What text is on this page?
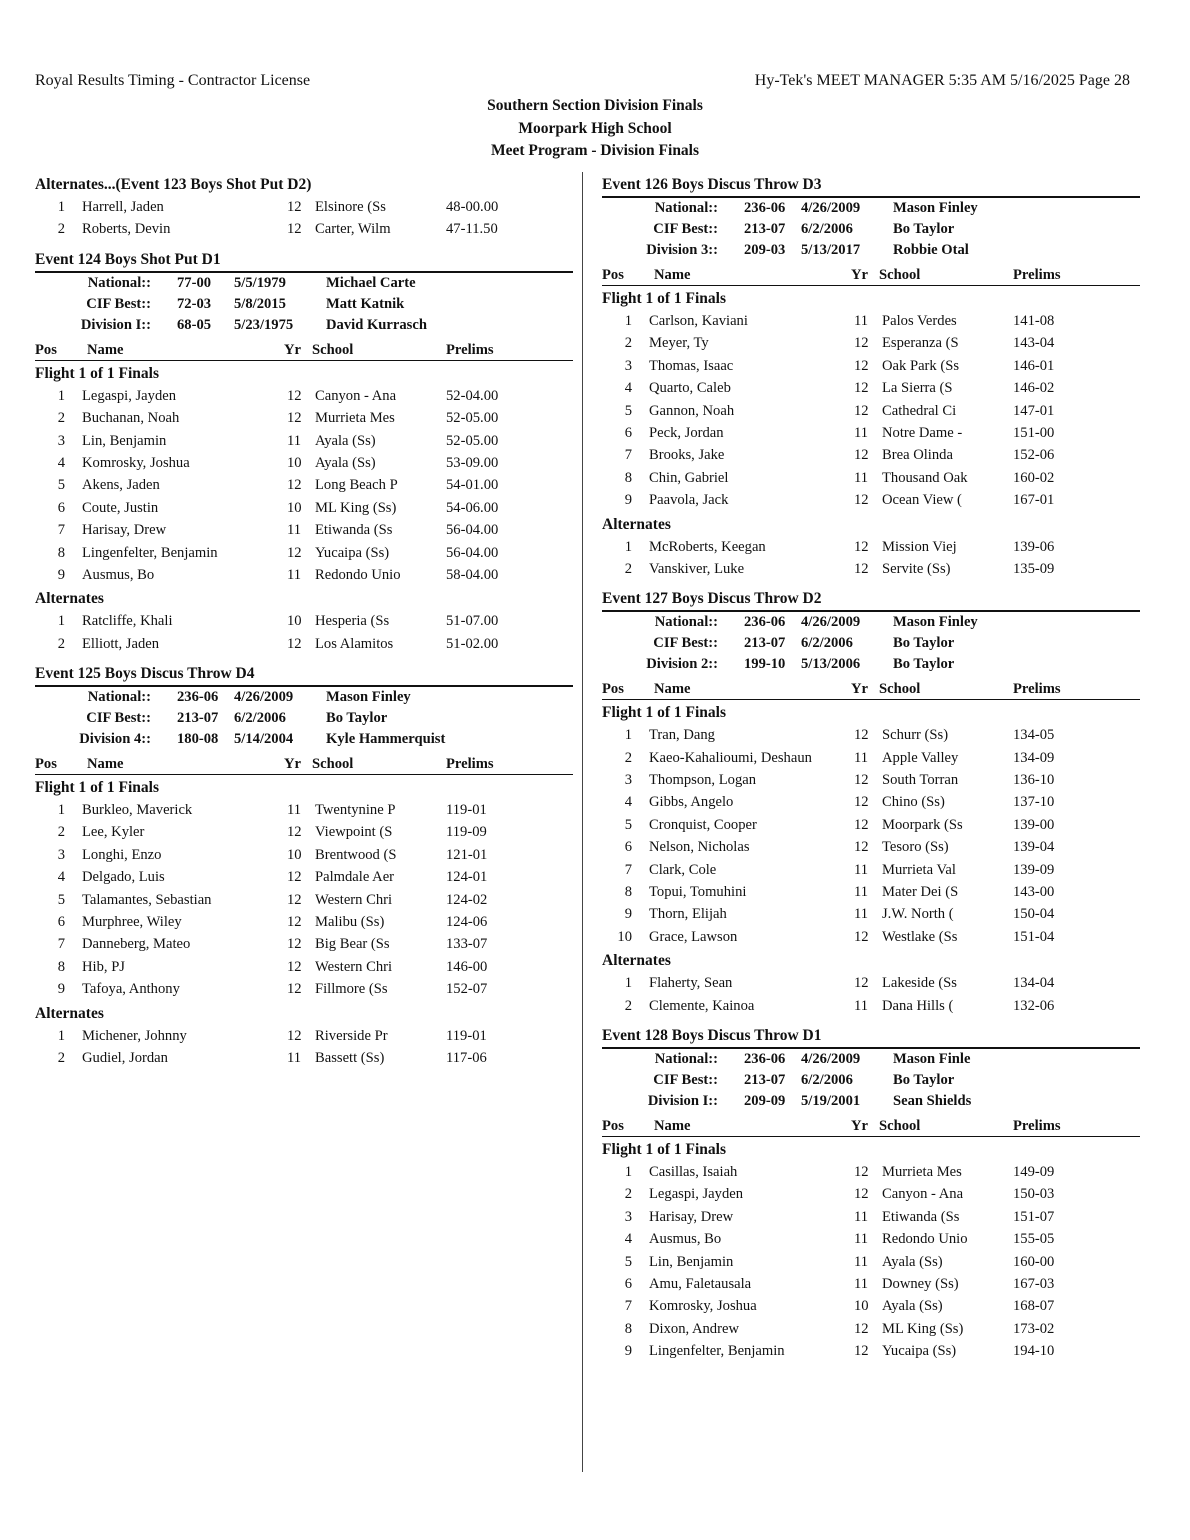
Royal Results Timing - Contractor License	Hy-Tek's MEET MANAGER 5:35 AM 5/16/2025 Page 28
Southern Section Division Finals
Moorpark High School
Meet Program - Division Finals
Alternates...(Event 123 Boys Shot Put D2)
1 Harrell, Jaden	12 Elsinore (Ss	48-00.00
2 Roberts, Devin	12 Carter, Wilm	47-11.50
Event 124 Boys Shot Put D1
National:: 77-00 5/5/1979	Michael Carte
CIF Best:: 72-03 5/8/2015	Matt Katnik
Division I:: 68-05 5/23/1975 David Kurrasch
Pos Name	Yr School	Prelims
Flight 1 of 1 Finals
1 Legaspi, Jayden	12 Canyon - Ana	52-04.00
2 Buchanan, Noah	12 Murrieta Mes	52-05.00
3 Lin, Benjamin	11 Ayala (Ss)	52-05.00
4 Komrosky, Joshua	10 Ayala (Ss)	53-09.00
5 Akens, Jaden	12 Long Beach P	54-01.00
6 Coute, Justin	10 ML King (Ss)	54-06.00
7 Harisay, Drew	11 Etiwanda (Ss	56-04.00
8 Lingenfelter, Benjamin	12 Yucaipa (Ss)	56-04.00
9 Ausmus, Bo	11 Redondo Unio	58-04.00
Alternates
1 Ratcliffe, Khali	10 Hesperia (Ss	51-07.00
2 Elliott, Jaden	12 Los Alamitos	51-02.00
Event 125 Boys Discus Throw D4
National:: 236-06 4/26/2009 Mason Finley
CIF Best:: 213-07 6/2/2006	Bo Taylor
Division 4:: 180-08 5/14/2004 Kyle Hammerquist
Pos Name	Yr School	Prelims
Flight 1 of 1 Finals
1 Burkleo, Maverick	11 Twentynine P	119-01
2 Lee, Kyler	12 Viewpoint (S	119-09
3 Longhi, Enzo	10 Brentwood (S	121-01
4 Delgado, Luis	12 Palmdale Aer	124-01
5 Talamantes, Sebastian	12 Western Chri	124-02
6 Murphree, Wiley	12 Malibu (Ss)	124-06
7 Danneberg, Mateo	12 Big Bear (Ss	133-07
8 Hib, PJ	12 Western Chri	146-00
9 Tafoya, Anthony	12 Fillmore (Ss	152-07
Alternates
1 Michener, Johnny	12 Riverside Pr	119-01
2 Gudiel, Jordan	11 Bassett (Ss)	117-06
Event 126 Boys Discus Throw D3
National:: 236-06 4/26/2009 Mason Finley
CIF Best:: 213-07 6/2/2006	Bo Taylor
Division 3:: 209-03 5/13/2017 Robbie Otal
Pos Name	Yr School	Prelims
Flight 1 of 1 Finals
1 Carlson, Kaviani	11 Palos Verdes	141-08
2 Meyer, Ty	12 Esperanza (S	143-04
3 Thomas, Isaac	12 Oak Park (Ss	146-01
4 Quarto, Caleb	12 La Sierra (S	146-02
5 Gannon, Noah	12 Cathedral Ci	147-01
6 Peck, Jordan	11 Notre Dame -	151-00
7 Brooks, Jake	12 Brea Olinda	152-06
8 Chin, Gabriel	11 Thousand Oak	160-02
9 Paavola, Jack	12 Ocean View (	167-01
Alternates
1 McRoberts, Keegan	12 Mission Viej	139-06
2 Vanskiver, Luke	12 Servite (Ss)	135-09
Event 127 Boys Discus Throw D2
National:: 236-06 4/26/2009 Mason Finley
CIF Best:: 213-07 6/2/2006	Bo Taylor
Division 2:: 199-10 5/13/2006 Bo Taylor
Pos Name	Yr School	Prelims
Flight 1 of 1 Finals
1 Tran, Dang	12 Schurr (Ss)	134-05
2 Kaeo-Kahalioumi, Deshaun	11 Apple Valley	134-09
3 Thompson, Logan	12 South Torran	136-10
4 Gibbs, Angelo	12 Chino (Ss)	137-10
5 Cronquist, Cooper	12 Moorpark (Ss	139-00
6 Nelson, Nicholas	12 Tesoro (Ss)	139-04
7 Clark, Cole	11 Murrieta Val	139-09
8 Topui, Tomuhini	11 Mater Dei (S	143-00
9 Thorn, Elijah	11 J.W. North (	150-04
10 Grace, Lawson	12 Westlake (Ss	151-04
Alternates
1 Flaherty, Sean	12 Lakeside (Ss	134-04
2 Clemente, Kainoa	11 Dana Hills (	132-06
Event 128 Boys Discus Throw D1
National:: 236-06 4/26/2009 Mason Finle
CIF Best:: 213-07 6/2/2006	Bo Taylor
Division I:: 209-09 5/19/2001 Sean Shields
Pos Name	Yr School	Prelims
Flight 1 of 1 Finals
1 Casillas, Isaiah	12 Murrieta Mes	149-09
2 Legaspi, Jayden	12 Canyon - Ana	150-03
3 Harisay, Drew	11 Etiwanda (Ss	151-07
4 Ausmus, Bo	11 Redondo Unio	155-05
5 Lin, Benjamin	11 Ayala (Ss)	160-00
6 Amu, Faletausala	11 Downey (Ss)	167-03
7 Komrosky, Joshua	10 Ayala (Ss)	168-07
8 Dixon, Andrew	12 ML King (Ss)	173-02
9 Lingenfelter, Benjamin	12 Yucaipa (Ss)	194-10
